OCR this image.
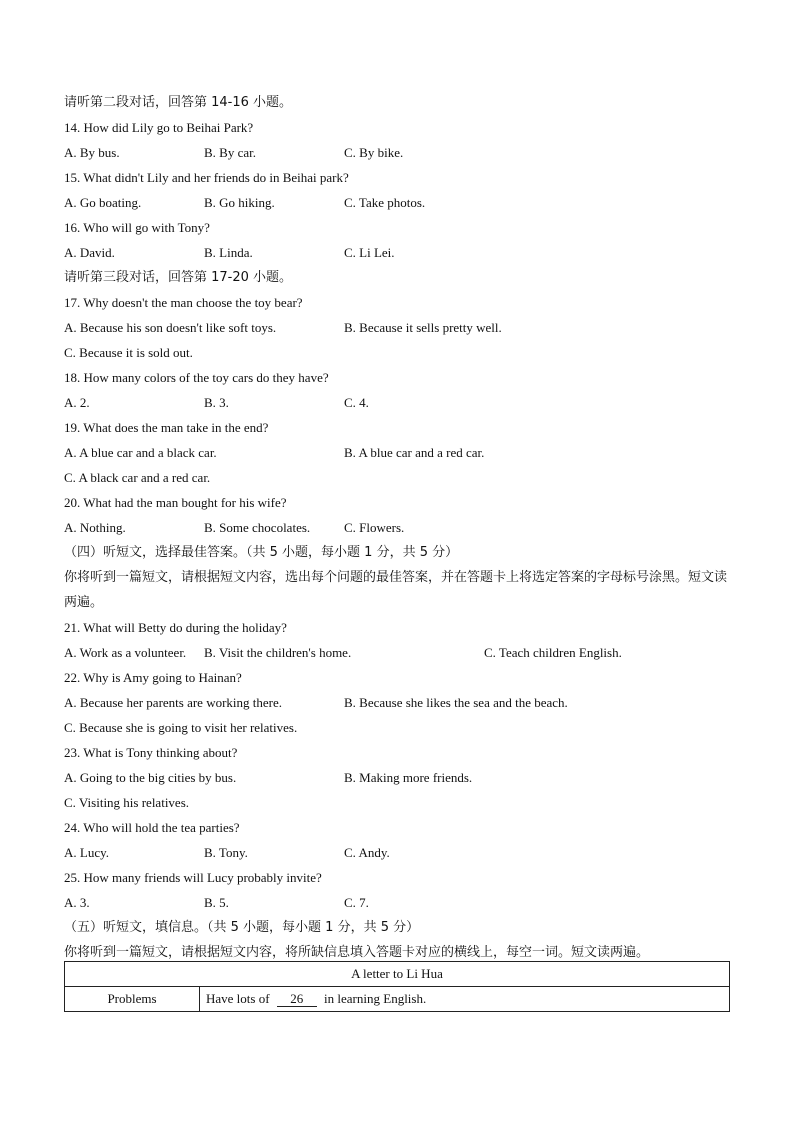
请听第二段对话，回答第 14-16 小题。
14. How did Lily go to Beihai Park?
A. By bus.	B. By car.	C. By bike.
15. What didn't Lily and her friends do in Beihai park?
A. Go boating.	B. Go hiking.	C. Take photos.
16. Who will go with Tony?
A. David.	B. Linda.	C. Li Lei.
请听第三段对话，回答第 17-20 小题。
17. Why doesn't the man choose the toy bear?
A. Because his son doesn't like soft toys.	B. Because it sells pretty well.
C. Because it is sold out.
18. How many colors of the toy cars do they have?
A. 2.	B. 3.	C. 4.
19. What does the man take in the end?
A. A blue car and a black car.	B. A blue car and a red car.
C. A black car and a red car.
20. What had the man bought for his wife?
A. Nothing.	B. Some chocolates.	C. Flowers.
（四）听短文，选择最佳答案。（共 5 小题，每小题 1 分，共 5 分）
你将听到一篇短文，请根据短文内容，选出每个问题的最佳答案，并在答题卡上将选定答案的字母标号涂黑。短文读两遍。
21. What will Betty do during the holiday?
A. Work as a volunteer. B. Visit the children's home.	C. Teach children English.
22. Why is Amy going to Hainan?
A. Because her parents are working there.	B. Because she likes the sea and the beach.
C. Because she is going to visit her relatives.
23. What is Tony thinking about?
A. Going to the big cities by bus.	B. Making more friends.
C. Visiting his relatives.
24. Who will hold the tea parties?
A. Lucy.	B. Tony.	C. Andy.
25. How many friends will Lucy probably invite?
A. 3.	B. 5.	C. 7.
（五）听短文，填信息。（共 5 小题，每小题 1 分，共 5 分）
你将听到一篇短文，请根据短文内容，将所缺信息填入答题卡对应的横线上，每空一词。短文读两遍。
A letter to Li Hua
Problems	Have lots of 26 in learning English.
